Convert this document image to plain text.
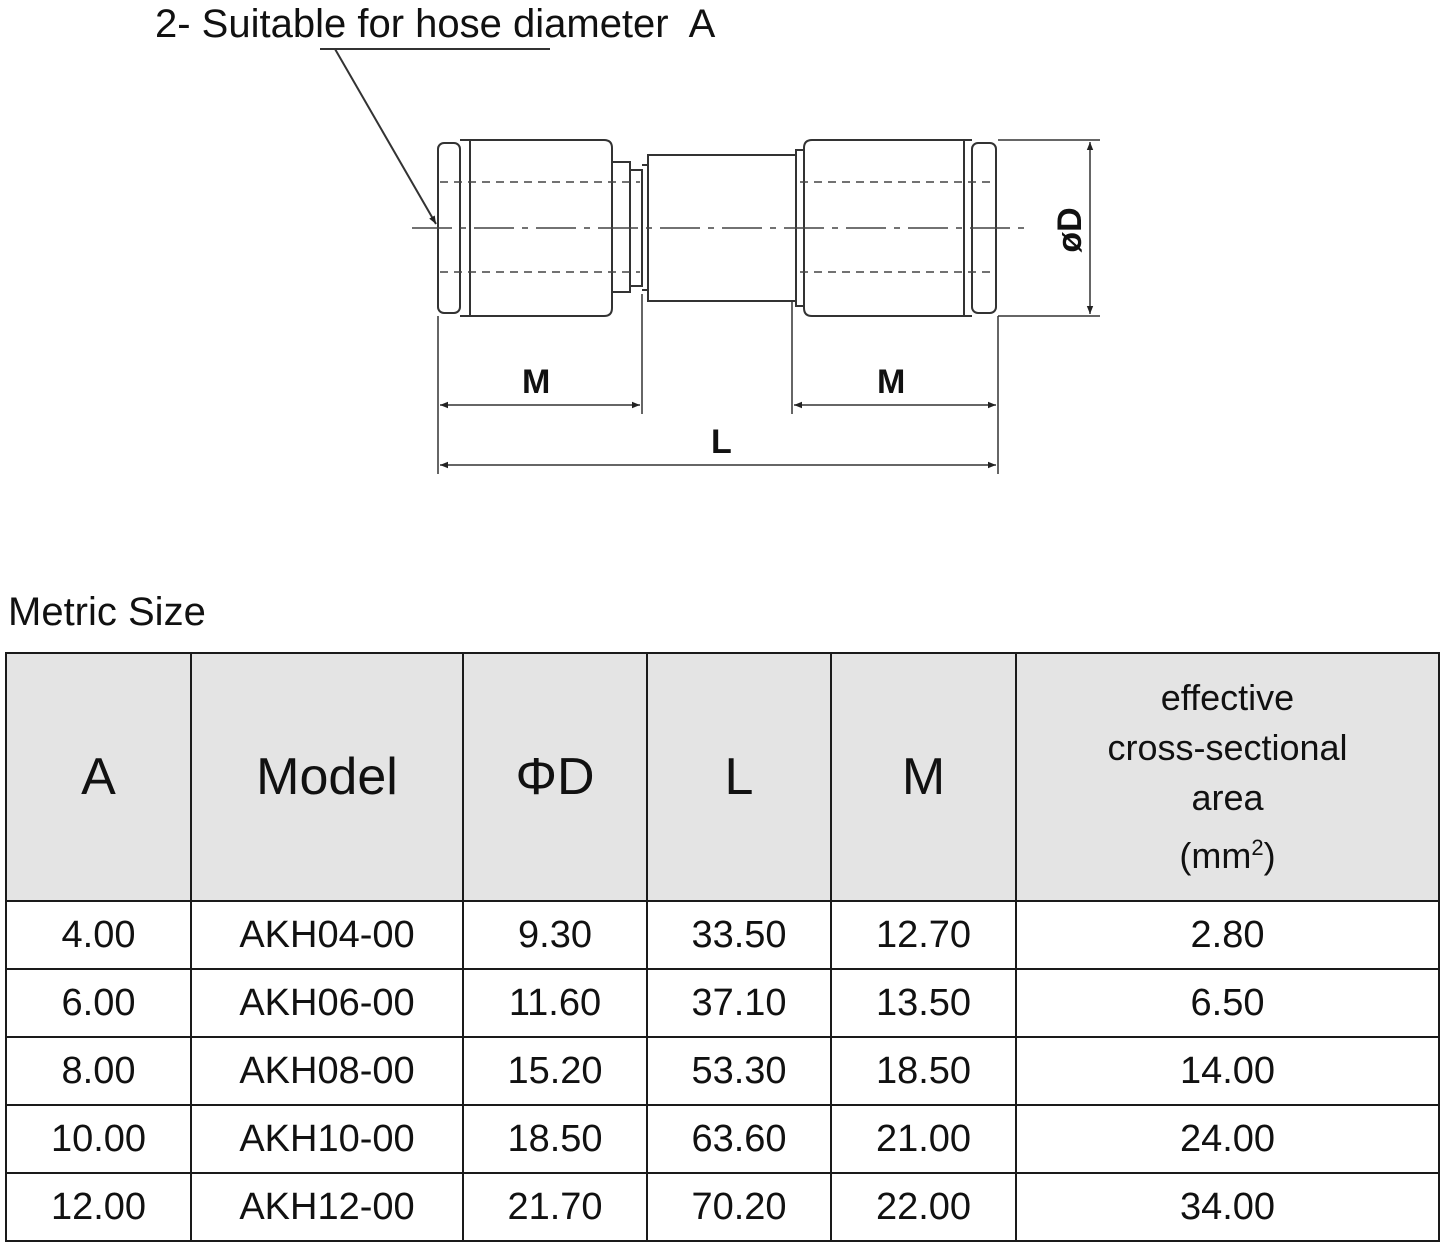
2- Suitable for hose diameter  A
M	M
L
øD
Metric Size
A	Model	ΦD	L	M	effective
cross-sectional
area
$(mm^2)$
4.00	AKH04-00	9.30	33.50	12.70	2.80
6.00	AKH06-00	11.60	37.10	13.50	6.50
8.00	AKH08-00	15.20	53.30	18.50	14.00
10.00	AKH10-00	18.50	63.60	21.00	24.00
12.00	AKH12-00	21.70	70.20	22.00	34.00
